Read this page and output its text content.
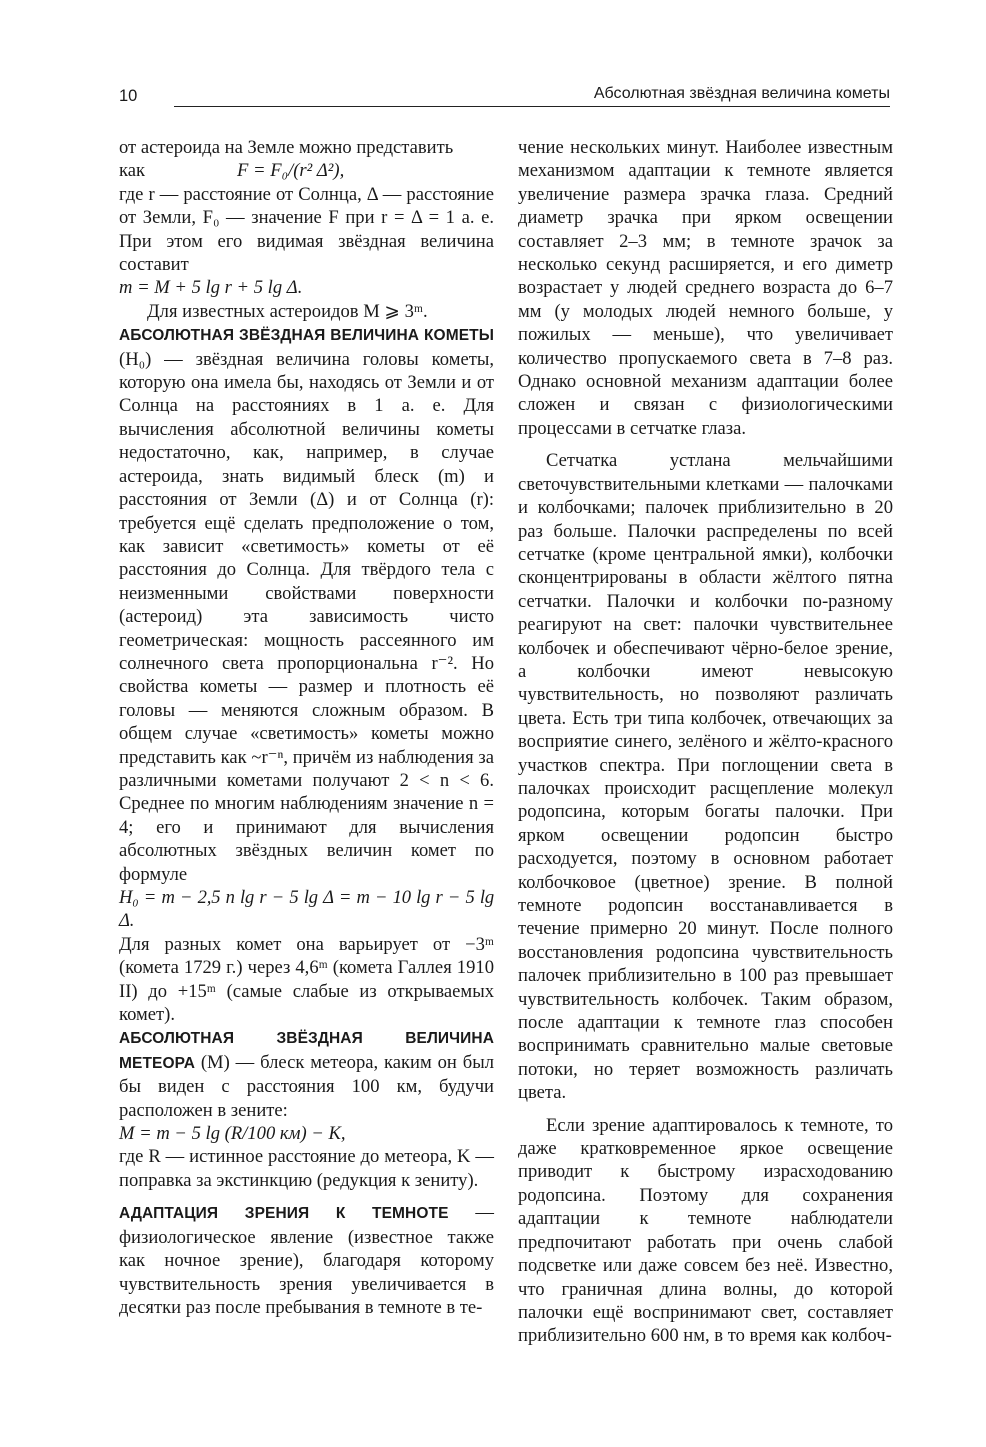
10	Абсолютная звёздная величина кометы

от астероида на Земле можно представить

как	F = F₀/(r² Δ²),

где r — расстояние от Солнца, Δ — расстояние от Земли, F₀ — значение F при r = Δ = 1 а. е. При этом его видимая звёздная величина составит

m = M + 5 lg r + 5 lg Δ.

Для известных астероидов M ⩾ 3ᵐ.

АБСОЛЮТНАЯ ЗВЁЗДНАЯ ВЕЛИЧИНА КОМЕТЫ (H₀) — звёздная величина головы кометы, которую она имела бы, находясь от Земли и от Солнца на расстояниях в 1 а. е. Для вычисления абсолютной величины кометы недостаточно, как, например, в случае астероида, знать видимый блеск (m) и расстояния от Земли (Δ) и от Солнца (r): требуется ещё сделать предположение о том, как зависит «светимость» кометы от её расстояния до Солнца. Для твёрдого тела с неизменными свойствами поверхности (астероид) эта зависимость чисто геометрическая: мощность рассеянного им солнечного света пропорциональна r⁻². Но свойства кометы — размер и плотность её головы — меняются сложным образом. В общем случае «светимость» кометы можно представить как ~r⁻ⁿ, причём из наблюдения за различными кометами получают 2 < n < 6. Среднее по многим наблюдениям значение n = 4; его и принимают для вычисления абсолютных звёздных величин комет по формуле

H₀ = m − 2,5 n lg r − 5 lg Δ = m − 10 lg r − 5 lg Δ.

Для разных комет она варьирует от −3ᵐ (комета 1729 г.) через 4,6ᵐ (комета Галлея 1910 II) до +15ᵐ (самые слабые из открываемых комет).

АБСОЛЮТНАЯ ЗВЁЗДНАЯ ВЕЛИЧИНА МЕТЕОРА (M) — блеск метеора, каким он был бы виден с расстояния 100 км, будучи расположен в зените:

M = m − 5 lg (R/100 км) − K,

где R — истинное расстояние до метеора, K — поправка за экстинкцию (редукция к зениту).

АДАПТАЦИЯ ЗРЕНИЯ К ТЕМНОТЕ — физиологическое явление (известное также как ночное зрение), благодаря которому чувствительность зрения увеличивается в десятки раз после пребывания в темноте в те-

чение нескольких минут. Наиболее известным механизмом адаптации к темноте является увеличение размера зрачка глаза. Средний диаметр зрачка при ярком освещении составляет 2–3 мм; в темноте зрачок за несколько секунд расширяется, и его диметр возрастает у людей среднего возраста до 6–7 мм (у молодых людей немного больше, у пожилых — меньше), что увеличивает количество пропускаемого света в 7–8 раз. Однако основной механизм адаптации более сложен и связан с физиологическими процессами в сетчатке глаза.

Сетчатка устлана мельчайшими светочувствительными клетками — палочками и колбочками; палочек приблизительно в 20 раз больше. Палочки распределены по всей сетчатке (кроме центральной ямки), колбочки сконцентрированы в области жёлтого пятна сетчатки. Палочки и колбочки по-разному реагируют на свет: палочки чувствительнее колбочек и обеспечивают чёрно-белое зрение, а колбочки имеют невысокую чувствительность, но позволяют различать цвета. Есть три типа колбочек, отвечающих за восприятие синего, зелёного и жёлто-красного участков спектра. При поглощении света в палочках происходит расщепление молекул родопсина, которым богаты палочки. При ярком освещении родопсин быстро расходуется, поэтому в основном работает колбочковое (цветное) зрение. В полной темноте родопсин восстанавливается в течение примерно 20 минут. После полного восстановления родопсина чувствительность палочек приблизительно в 100 раз превышает чувствительность колбочек. Таким образом, после адаптации к темноте глаз способен воспринимать сравнительно малые световые потоки, но теряет возможность различать цвета.

Если зрение адаптировалось к темноте, то даже кратковременное яркое освещение приводит к быстрому израсходованию родопсина. Поэтому для сохранения адаптации к темноте наблюдатели предпочитают работать при очень слабой подсветке или даже совсем без неё. Известно, что граничная длина волны, до которой палочки ещё воспринимают свет, составляет приблизительно 600 нм, в то время как колбоч-
